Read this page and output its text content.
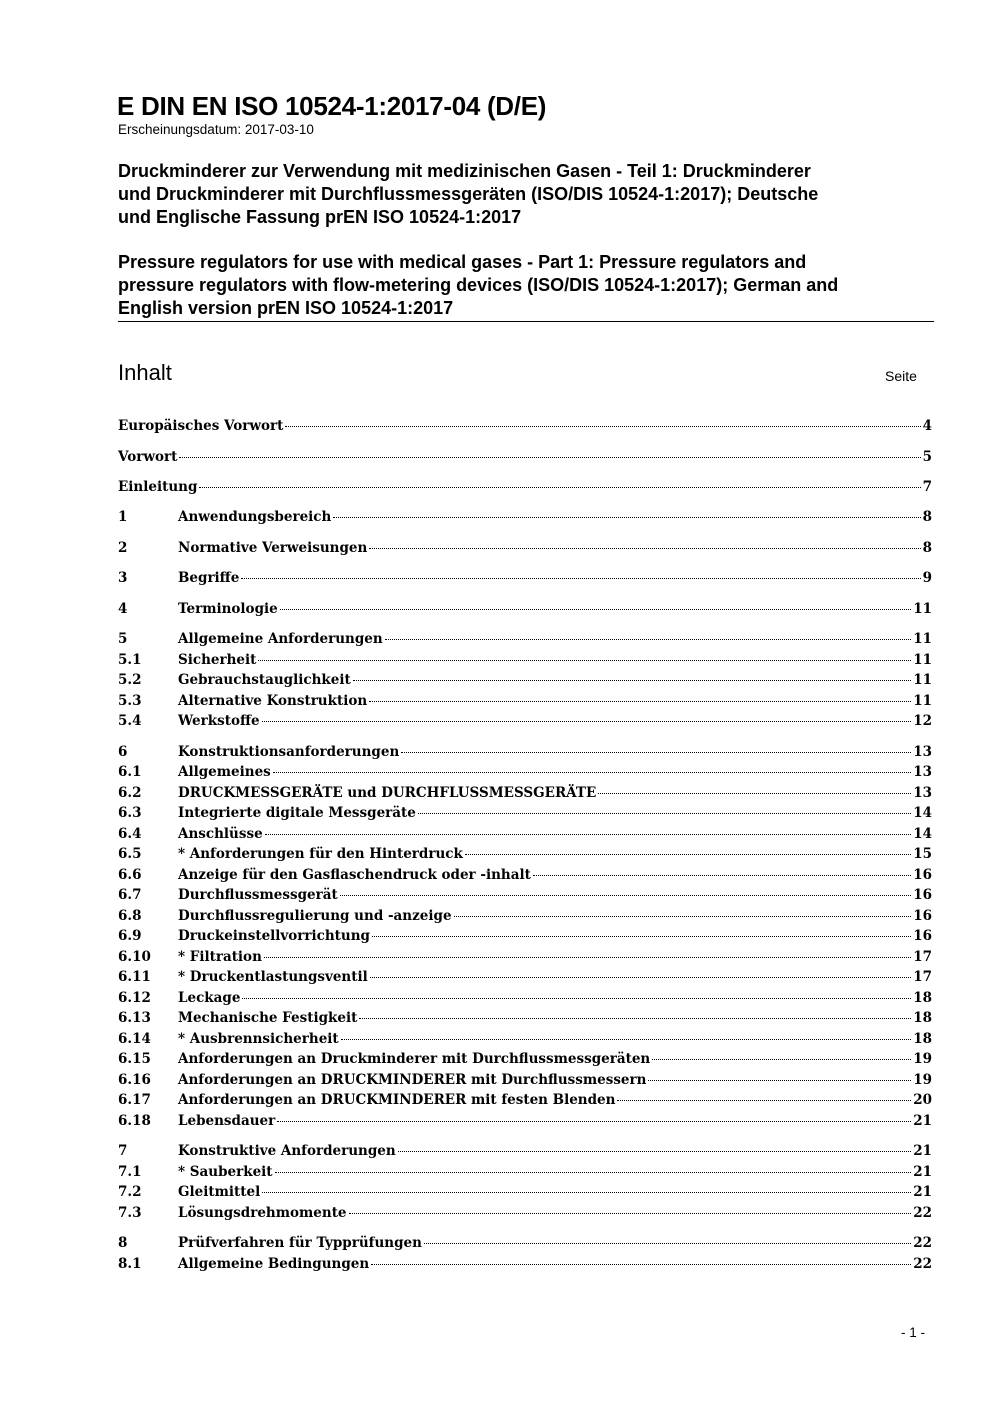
E DIN EN ISO 10524-1:2017-04 (D/E)
Erscheinungsdatum: 2017-03-10
Druckminderer zur Verwendung mit medizinischen Gasen - Teil 1: Druckminderer
und Druckminderer mit Durchflussmessgeräten (ISO/DIS 10524-1:2017); Deutsche
und Englische Fassung prEN ISO 10524-1:2017
Pressure regulators for use with medical gases - Part 1: Pressure regulators and
pressure regulators with flow-metering devices (ISO/DIS 10524-1:2017); German and
English version prEN ISO 10524-1:2017
Inhalt	Seite
Europäisches Vorwort	4
Vorwort	5
Einleitung	7
1	Anwendungsbereich	8
2	Normative Verweisungen	8
3	Begriffe	9
4	Terminologie	11
5	Allgemeine Anforderungen	11
5.1	Sicherheit	11
5.2	Gebrauchstauglichkeit	11
5.3	Alternative Konstruktion	11
5.4	Werkstoffe	12
6	Konstruktionsanforderungen	13
6.1	Allgemeines	13
6.2	DRUCKMESSGERÄTE und DURCHFLUSSMESSGERÄTE	13
6.3	Integrierte digitale Messgeräte	14
6.4	Anschlüsse	14
6.5	* Anforderungen für den Hinterdruck	15
6.6	Anzeige für den Gasflaschendruck oder -inhalt	16
6.7	Durchflussmessgerät	16
6.8	Durchflussregulierung und -anzeige	16
6.9	Druckeinstellvorrichtung	16
6.10	* Filtration	17
6.11	* Druckentlastungsventil	17
6.12	Leckage	18
6.13	Mechanische Festigkeit	18
6.14	* Ausbrennsicherheit	18
6.15	Anforderungen an Druckminderer mit Durchflussmessgeräten	19
6.16	Anforderungen an DRUCKMINDERER mit Durchflussmessern	19
6.17	Anforderungen an DRUCKMINDERER mit festen Blenden	20
6.18	Lebensdauer	21
7	Konstruktive Anforderungen	21
7.1	* Sauberkeit	21
7.2	Gleitmittel	21
7.3	Lösungsdrehmomente	22
8	Prüfverfahren für Typprüfungen	22
8.1	Allgemeine Bedingungen	22
- 1 -
